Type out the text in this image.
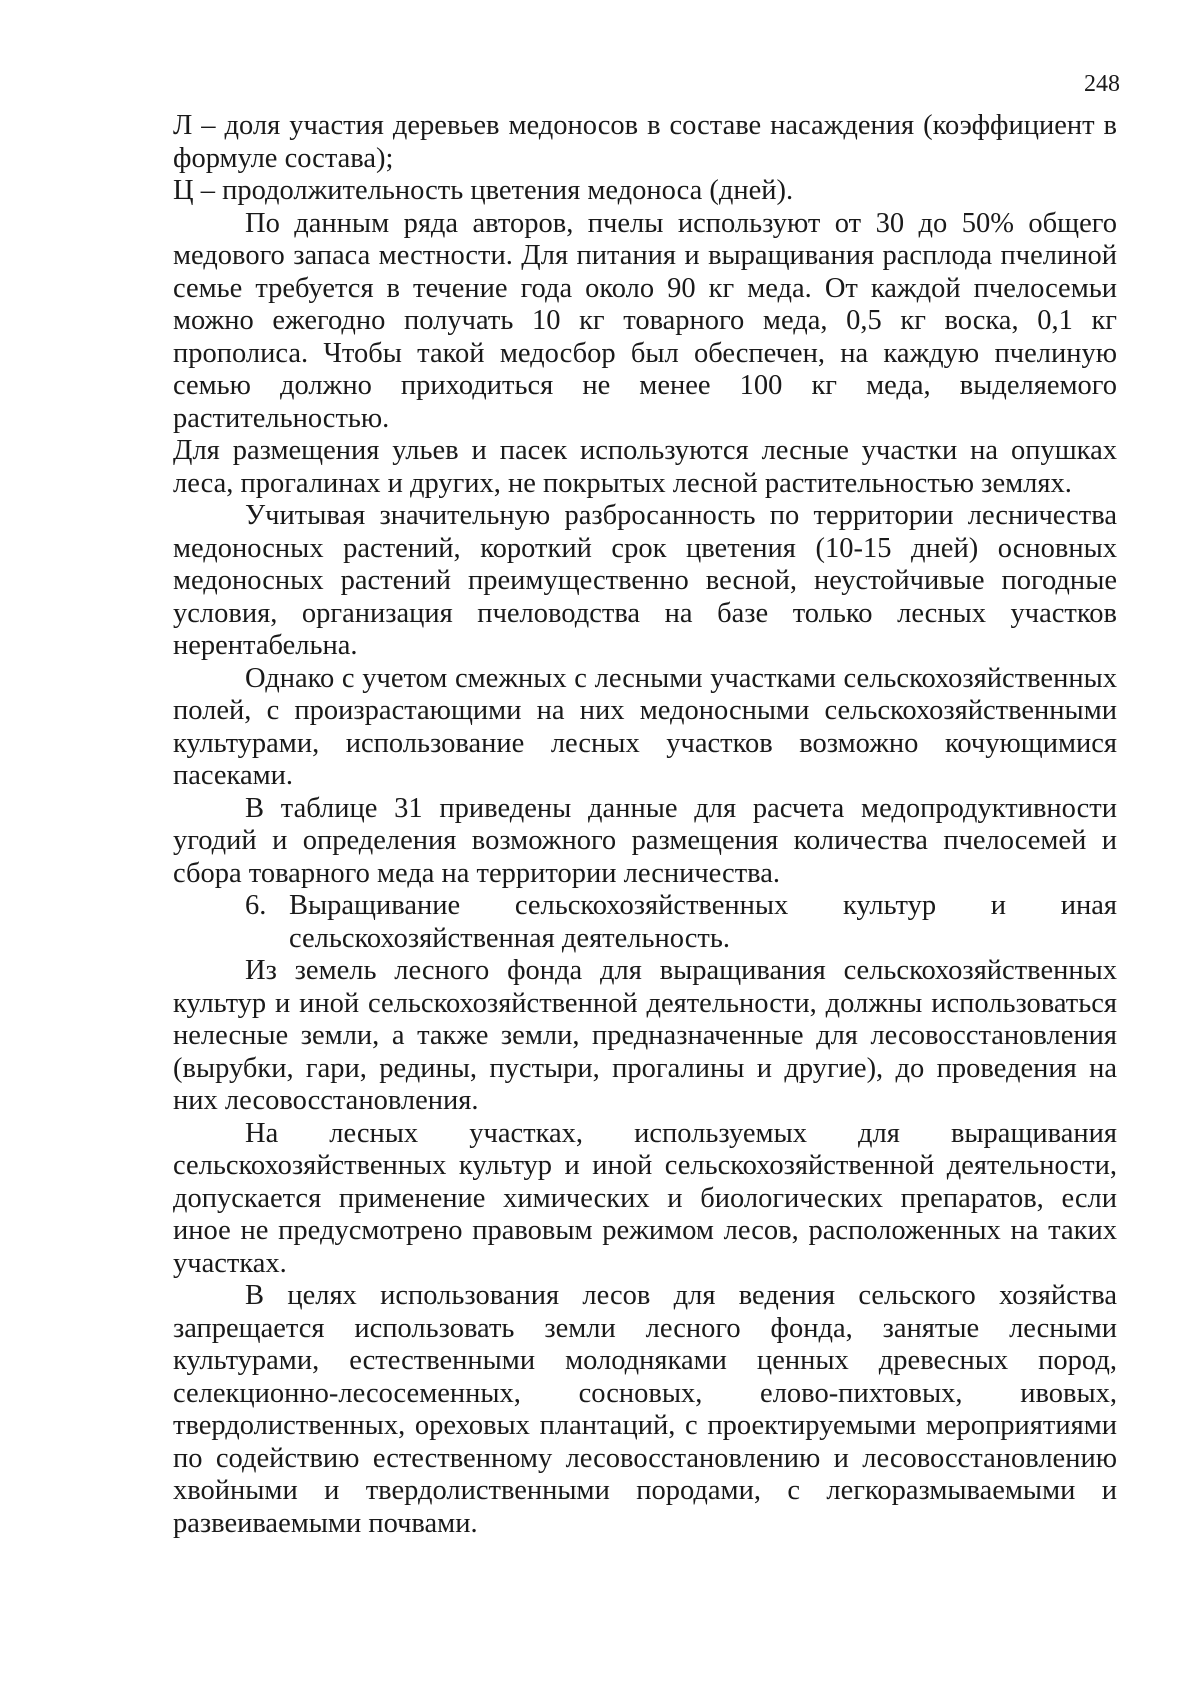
248

Л – доля участия деревьев медоносов в составе насаждения (коэффициент в формуле состава);

Ц – продолжительность цветения медоноса (дней).

По данным ряда авторов, пчелы используют от 30 до 50% общего медового запаса местности. Для питания и выращивания расплода пчелиной семье требуется в течение года около 90 кг меда. От каждой пчелосемьи можно ежегодно получать 10 кг товарного меда, 0,5 кг воска, 0,1 кг прополиса. Чтобы такой медосбор был обеспечен, на каждую пчелиную семью должно приходиться не менее 100 кг меда, выделяемого растительностью.

Для размещения ульев и пасек используются лесные участки на опушках леса, прогалинах и других, не покрытых лесной растительностью землях.

Учитывая значительную разбросанность по территории лесничества медоносных растений, короткий срок цветения (10-15 дней) основных медоносных растений преимущественно весной, неустойчивые погодные условия, организация пчеловодства на базе только лесных участков нерентабельна.

Однако с учетом смежных с лесными участками сельскохозяйственных полей, с произрастающими на них медоносными сельскохозяйственными культурами, использование лесных участков возможно кочующимися пасеками.

В таблице 31 приведены данные для расчета медопродуктивности угодий и определения возможного размещения количества пчелосемей и сбора товарного меда на территории лесничества.

6. Выращивание сельскохозяйственных культур и иная сельскохозяйственная деятельность.

Из земель лесного фонда для выращивания сельскохозяйственных культур и иной сельскохозяйственной деятельности, должны использоваться нелесные земли, а также земли, предназначенные для лесовосстановления (вырубки, гари, редины, пустыри, прогалины и другие), до проведения на них лесовосстановления.

На лесных участках, используемых для выращивания сельскохозяйственных культур и иной сельскохозяйственной деятельности, допускается применение химических и биологических препаратов, если иное не предусмотрено правовым режимом лесов, расположенных на таких участках.

В целях использования лесов для ведения сельского хозяйства запрещается использовать земли лесного фонда, занятые лесными культурами, естественными молодняками ценных древесных пород, селекционно-лесосеменных, сосновых, елово-пихтовых, ивовых, твердолиственных, ореховых плантаций, с проектируемыми мероприятиями по содействию естественному лесовосстановлению и лесовосстановлению хвойными и твердолиственными породами, с легкоразмываемыми и развеиваемыми почвами.
